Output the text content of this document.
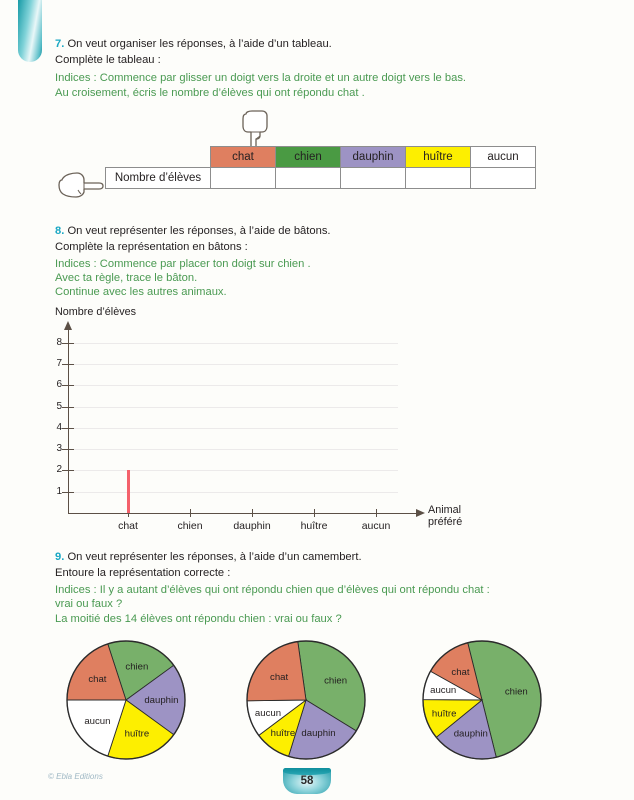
7. On veut organiser les réponses, à l’aide d’un tableau.
Complète le tableau :
Indices : Commence par glisser un doigt vers la droite et un autre doigt vers le bas.
Au croisement, écris le nombre d’élèves qui ont répondu chat .
	chat	chien	dauphin	huître	aucun
Nombre d’élèves					
8. On veut représenter les réponses, à l’aide de bâtons.
Complète la représentation en bâtons :
Indices : Commence par placer ton doigt sur chien .
Avec ta règle, trace le bâton.
Continue avec les autres animaux.
Nombre d’élèves
Animal préféré
1
2
3
4
5
6
7
8
chat	chien	dauphin	huître	aucun
9. On veut représenter les réponses, à l’aide d’un camembert.
Entoure la représentation correcte :
Indices : Il y a autant d’élèves qui ont répondu chien que d’élèves qui ont répondu chat :
vrai ou faux ?
La moitié des 14 élèves ont répondu chien : vrai ou faux ?
chien
dauphin
huître
aucun
chat	chien
dauphin
huître
aucun
chat
chien
dauphin
huître
aucun
chat
© Ebla Editions	58
